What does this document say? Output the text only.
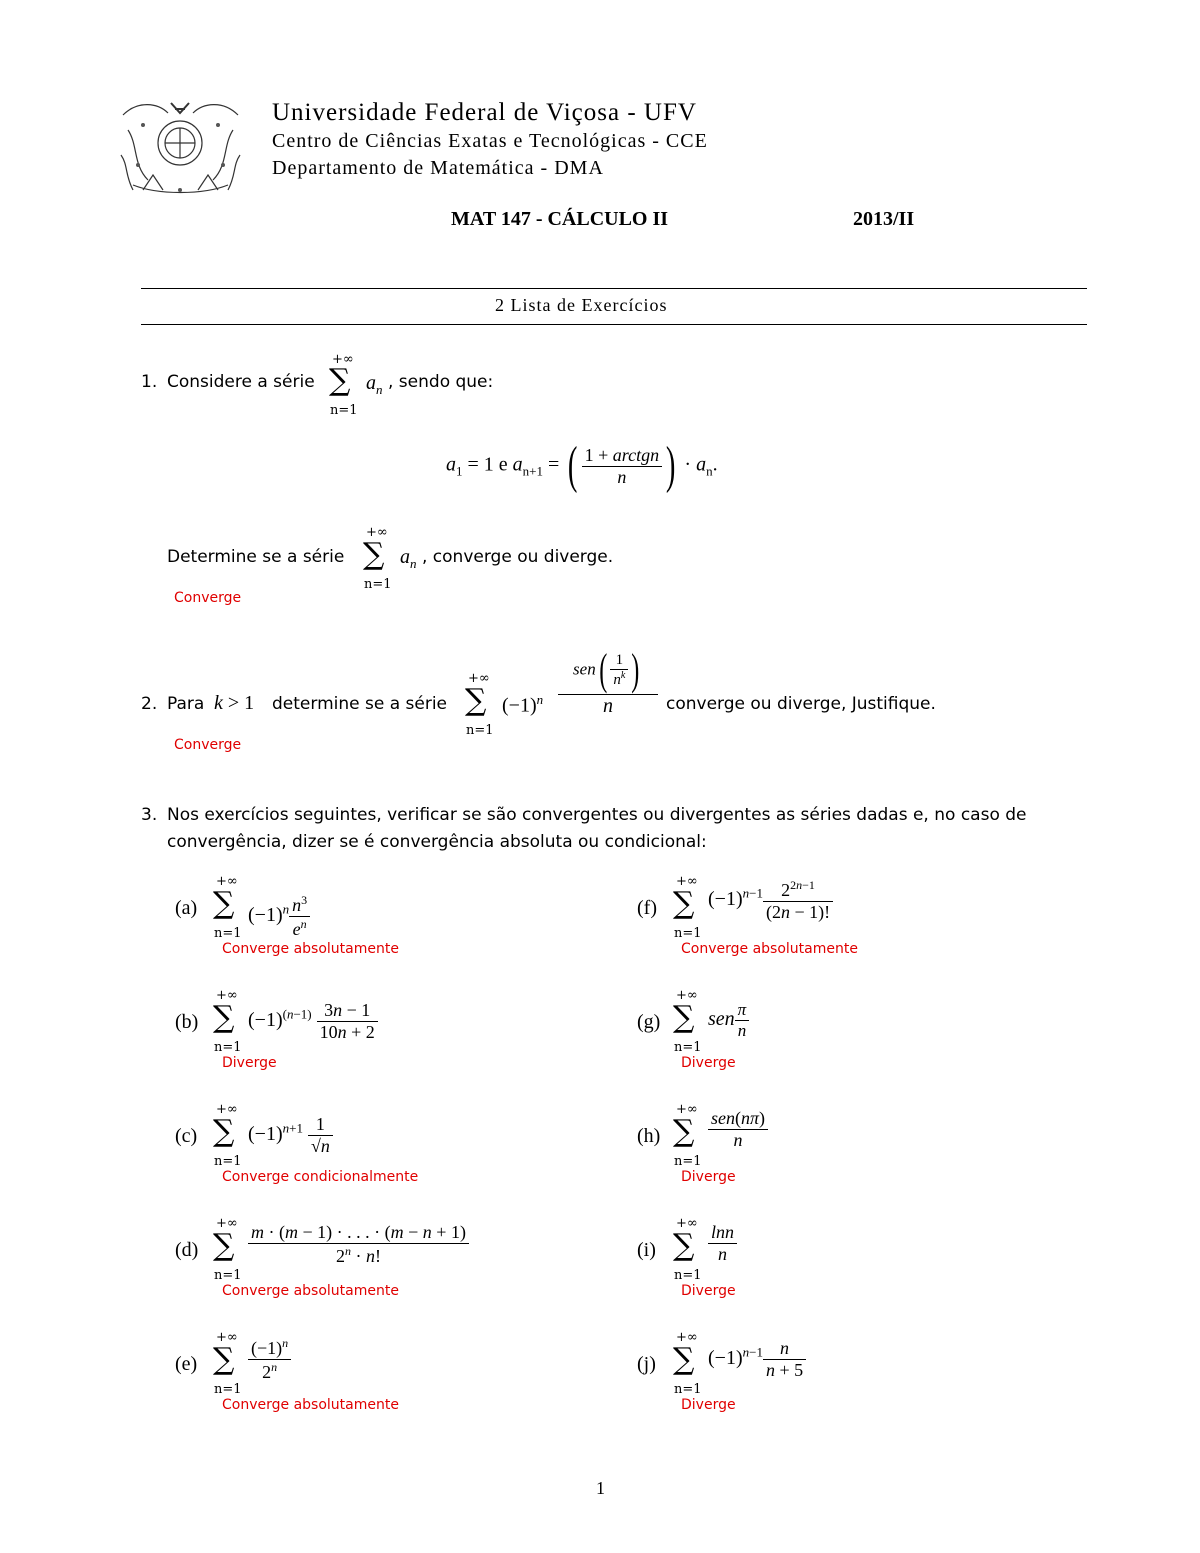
Universidade Federal de Viçosa - UFV
Centro de Ciências Exatas e Tecnológicas - CCE
Departamento de Matemática - DMA
MAT 147 - CÁLCULO II	2013/II
2 Lista de Exercícios
1. Considere a série
+∞
∑
n=1
$a_n$ , sendo que:
$a_1 = 1$ e $a_{n+1}$ = ( $\frac{\text{1 + arctgn}}{n}$ ) · $a_n$.
Determine se a série
+∞
∑
n=1
$a_n$ , converge ou diverge.
Converge
2. Para k > 1 determine se a série
+∞
∑
n=1
$(-1)^n$
$sen( \frac{1}{n^k}$ )
n	converge ou diverge, Justifique.
Converge
3. Nos exercícios seguintes, verificar se são convergentes ou divergentes as séries dadas e, no caso de
convergência, dizer se é convergência absoluta ou condicional:
(a)
+∞
∑
n=1
$(-1)^n \frac{n^3}{e^n}$
Converge absolutamente
(b)
+∞
∑
n=1
$(-1)^{(n-1)} \frac{3n - 1}{10n + 2}$
Diverge
(c)
+∞
∑
n=1
$(-1)^{n+1} \frac{1}{√n}$
Converge condicionalmente
(d)
+∞
∑
n=1
$\frac{m \cdot (m - 1) \cdot . . . \cdot (m - n + 1)}{2^n \cdot n!}$
Converge absolutamente
(e)
+∞
∑
n=1
$\frac{(-1)^n}{2^n}$
Converge absolutamente
(f)
+∞
∑
n=1
$(-1)^{n-1} \frac{2^{2n-1}}{(2n - 1)!}$
Converge absolutamente
(g)
+∞
∑
n=1
sen $\frac{\pi}{n}$
Diverge
(h)
+∞
∑
n=1
$\frac{\text{sen(nπ)}}{n}$
Diverge
(i)
+∞
∑
n=1
$\frac{\ln n}{n}$
Diverge
(j)
+∞
∑
n=1
$(-1)^{n-1} \frac{n}{n + 5}$
Diverge
1
